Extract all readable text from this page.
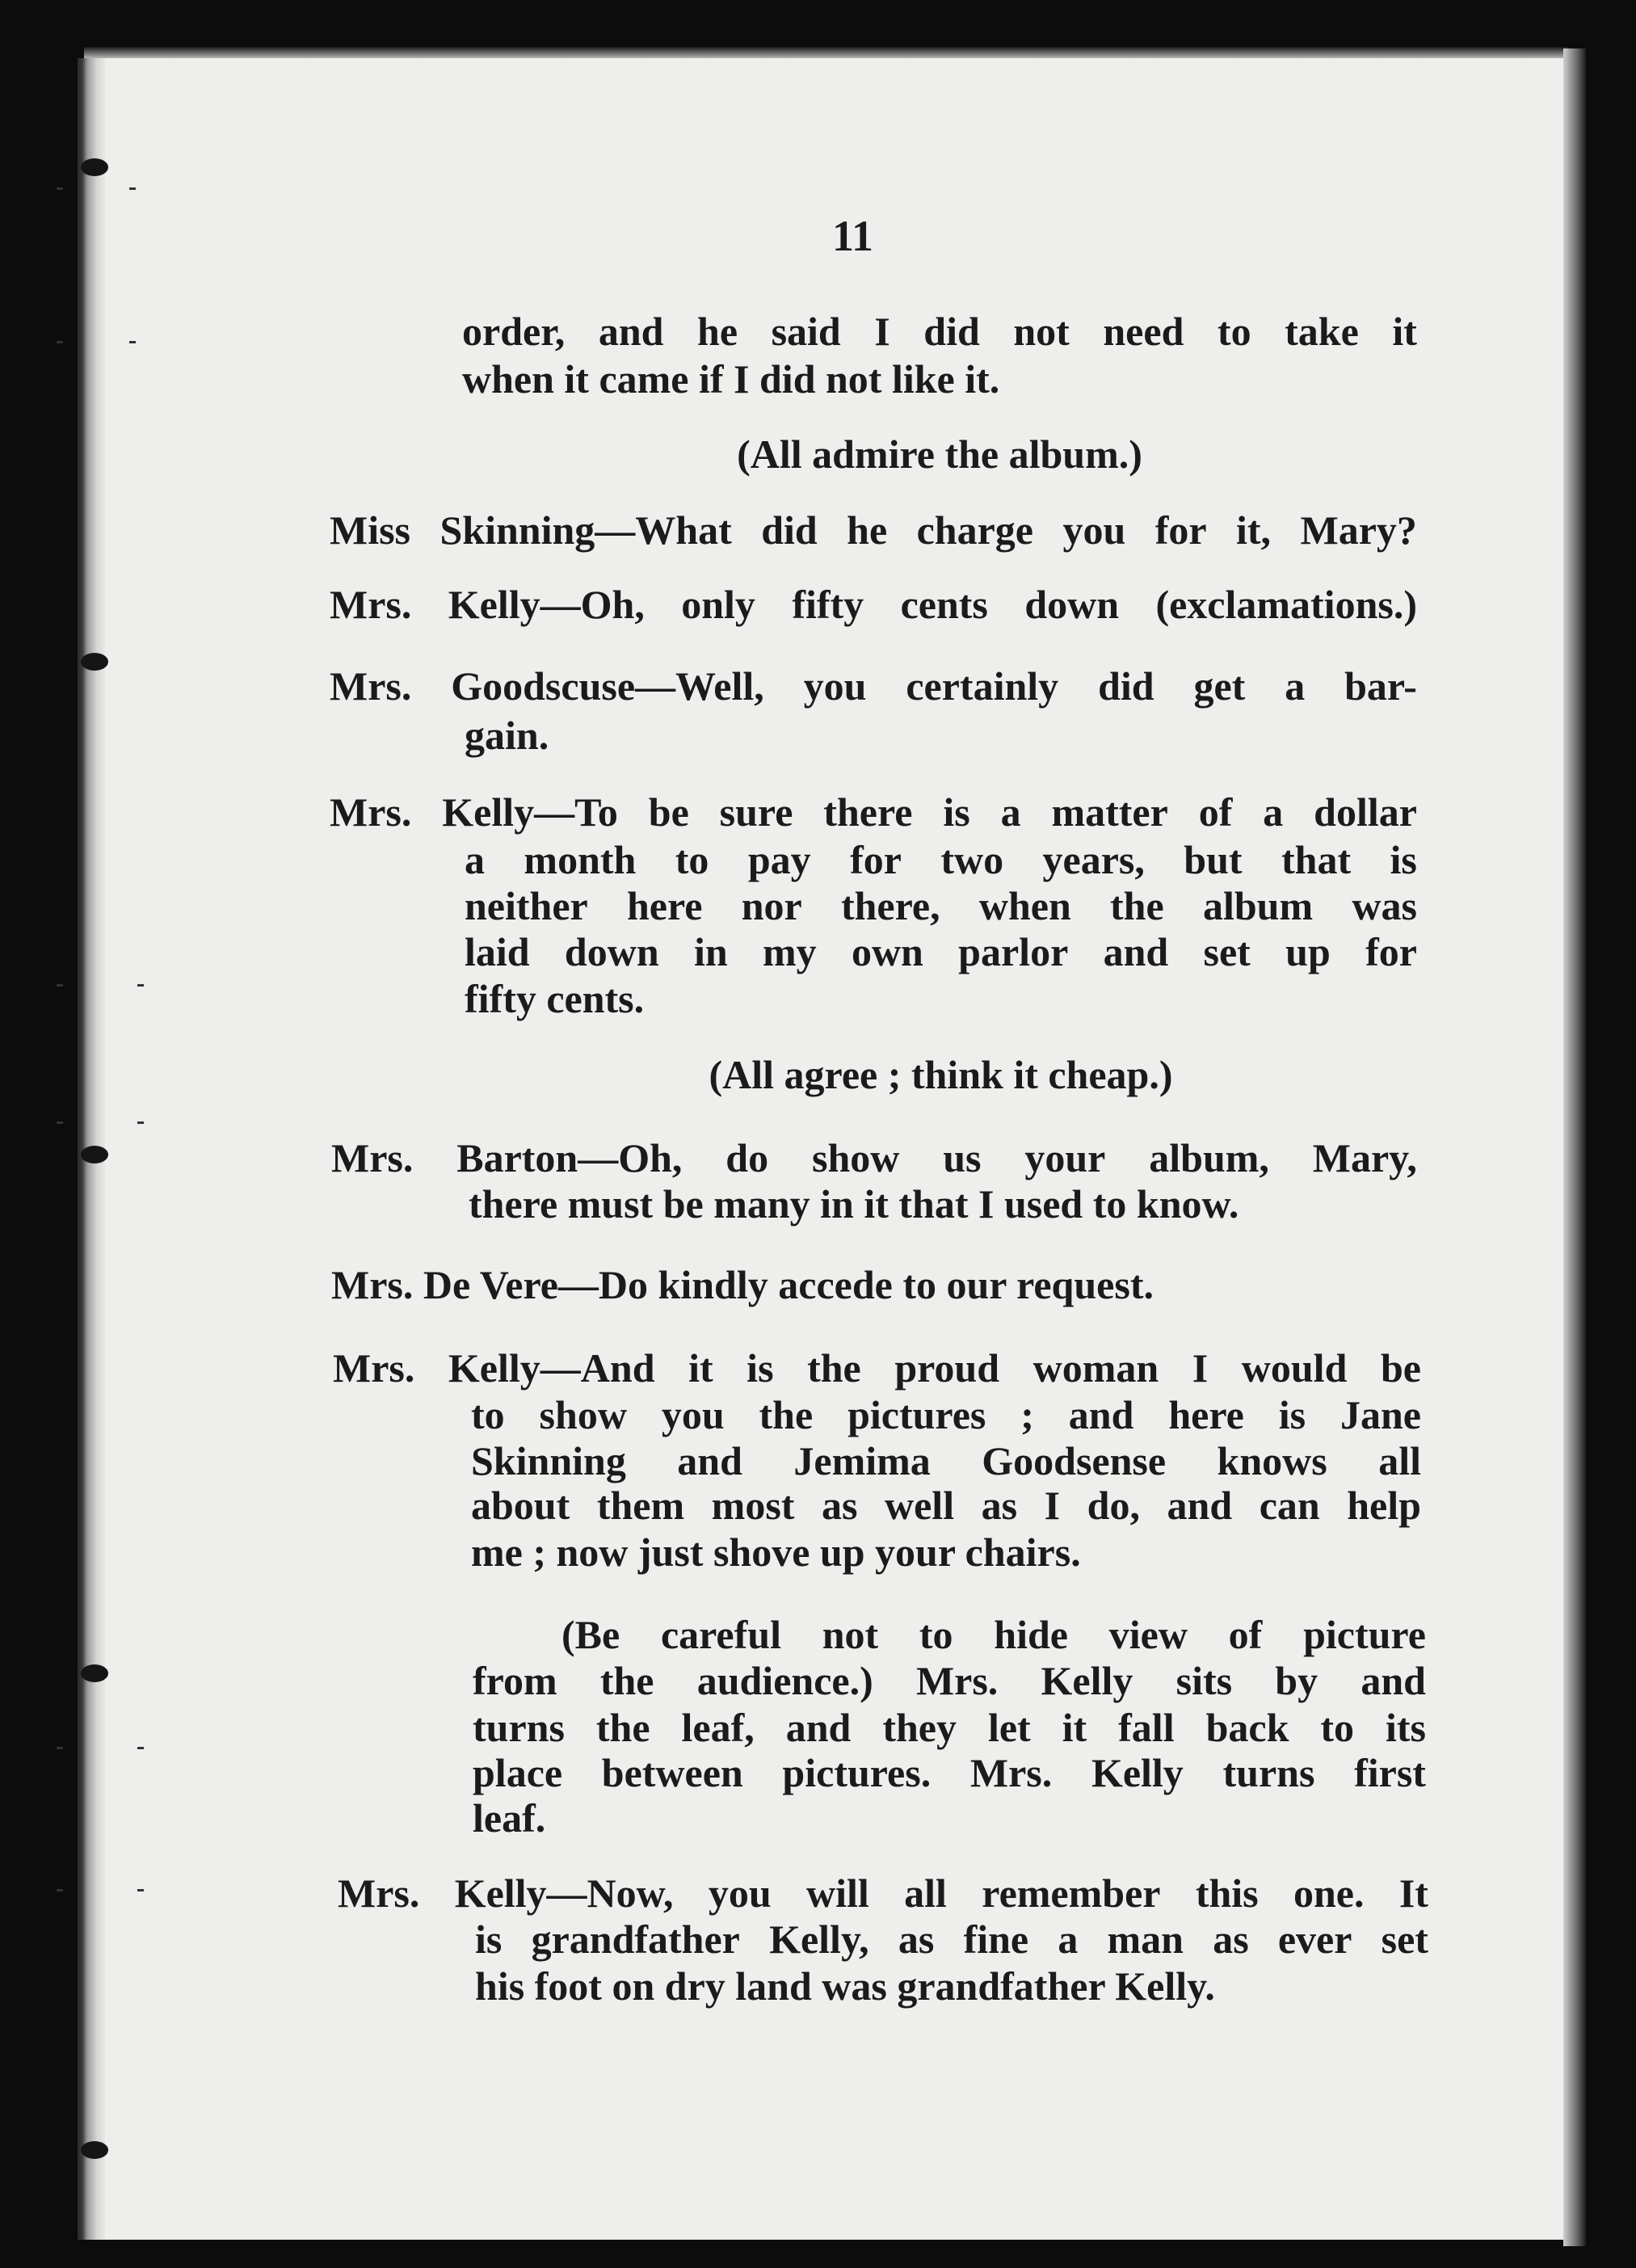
11
order, and he said I did not need to take it
when it came if I did not like it.
(All admire the album.)
Miss Skinning—What did he charge you for it, Mary?
Mrs. Kelly—Oh, only fifty cents down (exclamations.)
Mrs. Goodscuse—Well, you certainly did get a bar-
gain.
Mrs. Kelly—To be sure there is a matter of a dollar
a month to pay for two years, but that is
neither here nor there, when the album was
laid down in my own parlor and set up for
fifty cents.
(All agree ; think it cheap.)
Mrs. Barton—Oh, do show us your album, Mary,
there must be many in it that I used to know.
Mrs. De Vere—Do kindly accede to our request.
Mrs. Kelly—And it is the proud woman I would be
to show you the pictures ; and here is Jane
Skinning and Jemima Goodsense knows all
about them most as well as I do, and can help
me ; now just shove up your chairs.
(Be careful not to hide view of picture
from the audience.) Mrs. Kelly sits by and
turns the leaf, and they let it fall back to its
place between pictures. Mrs. Kelly turns first
leaf.
Mrs. Kelly—Now, you will all remember this one. It
is grandfather Kelly, as fine a man as ever set
his foot on dry land was grandfather Kelly.
